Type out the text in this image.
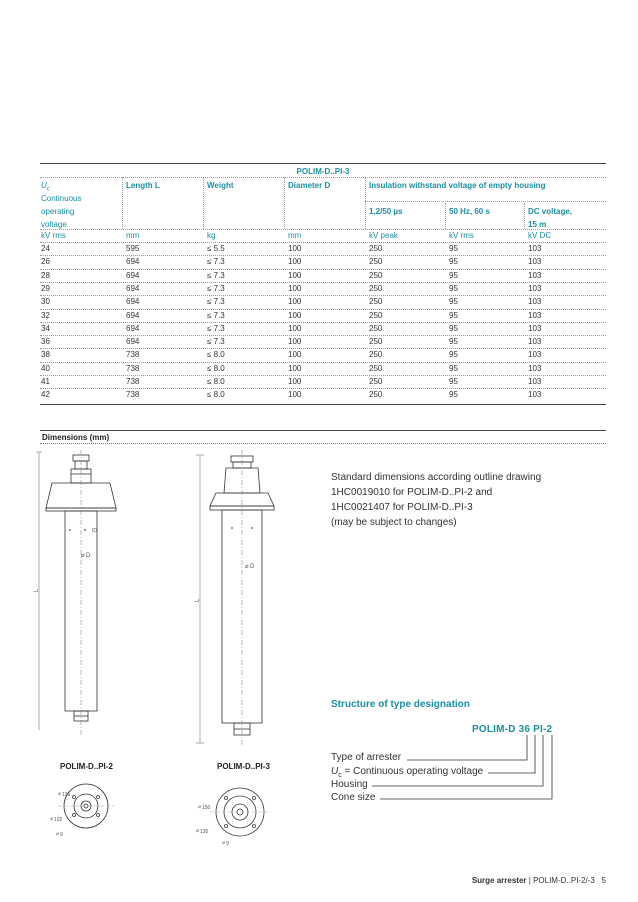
POLIM-D..PI-3
$U_c$
Continuous
operating
voltage
Length L	Weight	Diameter D	Insulation withstand voltage of empty housing
1,2/50 µs	50 Hz, 60 s	DC voltage,
15 m
kV rms	mm	kg	mm	kV peak	kV rms	kV DC
24	595	≤ 5.5	100	250	95	103
26	694	≤ 7.3	100	250	95	103
28	694	≤ 7.3	100	250	95	103
29	694	≤ 7.3	100	250	95	103
30	694	≤ 7.3	100	250	95	103
32	694	≤ 7.3	100	250	95	103
34	694	≤ 7.3	100	250	95	103
36	694	≤ 7.3	100	250	95	103
38	738	≤ 8.0	100	250	95	103
40	738	≤ 8.0	100	250	95	103
41	738	≤ 8.0	100	250	95	103
42	738	≤ 8.0	100	250	95	103
Dimensions (mm)
ID
⌀ D
L
⌀ D
L
POLIM-D..PI-2	POLIM-D..PI-3
⌀ 136
⌀ 102
⌀ 9
⌀ 150
⌀ 130
⌀ 9
Standard dimensions according outline drawing
1HC0019010 for POLIM-D..PI-2 and
1HC0021407 for POLIM-D..PI-3
(may be subject to changes)
Structure of type designation
POLIM-D 36 PI-2
Type of arrester
$U_c$ = Continuous operating voltage
Housing
Cone size
Surge arrester | POLIM-D..PI-2/-3 5
